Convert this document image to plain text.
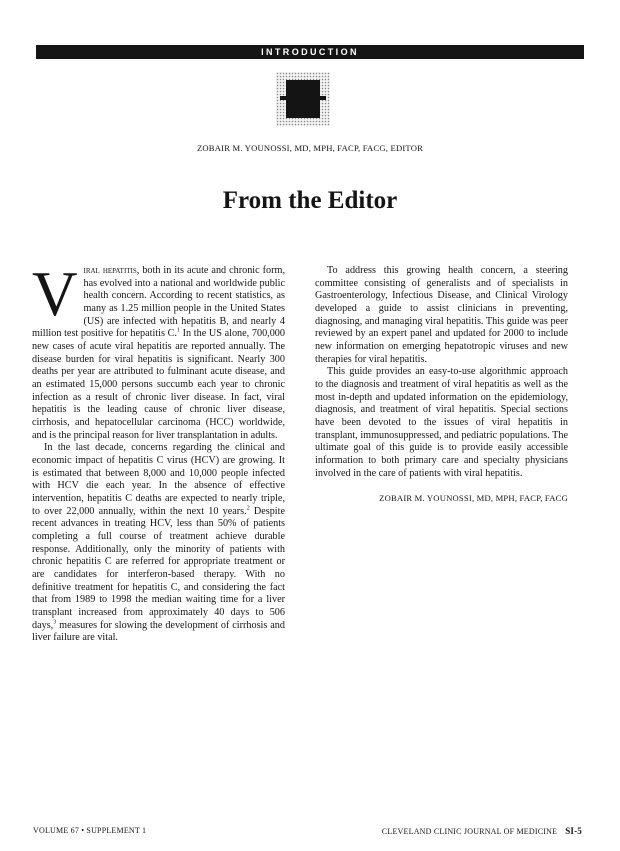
INTRODUCTION
ZOBAIR M. YOUNOSSI, MD, MPH, FACP, FACG, EDITOR
From the Editor

Viral hepatitis, both in its acute and chronic form, has evolved into a national and worldwide public health concern. According to recent statistics, as many as 1.25 million people in the United States (US) are infected with hepatitis B, and nearly 4 million test positive for hepatitis C.$^1$ In the US alone, 700,000 new cases of acute viral hepatitis are reported annually. The disease burden for viral hepatitis is significant. Nearly 300 deaths per year are attributed to fulminant acute disease, and an estimated 15,000 persons succumb each year to chronic infection as a result of chronic liver disease. In fact, viral hepatitis is the leading cause of chronic liver disease, cirrhosis, and hepatocellular carcinoma (HCC) worldwide, and is the principal reason for liver transplantation in adults.

In the last decade, concerns regarding the clinical and economic impact of hepatitis C virus (HCV) are growing. It is estimated that between 8,000 and 10,000 people infected with HCV die each year. In the absence of effective intervention, hepatitis C deaths are expected to nearly triple, to over 22,000 annually, within the next 10 years.$^2$ Despite recent advances in treating HCV, less than 50% of patients completing a full course of treatment achieve durable response. Additionally, only the minority of patients with chronic hepatitis C are referred for appropriate treatment or are candidates for interferon-based therapy. With no definitive treatment for hepatitis C, and considering the fact that from 1989 to 1998 the median waiting time for a liver transplant increased from approximately 40 days to 506 days,$^3$ measures for slowing the development of cirrhosis and liver failure are vital.

To address this growing health concern, a steering committee consisting of generalists and of specialists in Gastroenterology, Infectious Disease, and Clinical Virology developed a guide to assist clinicians in preventing, diagnosing, and managing viral hepatitis. This guide was peer reviewed by an expert panel and updated for 2000 to include new information on emerging hepatotropic viruses and new therapies for viral hepatitis.

This guide provides an easy-to-use algorithmic approach to the diagnosis and treatment of viral hepatitis as well as the most in-depth and updated information on the epidemiology, diagnosis, and treatment of viral hepatitis. Special sections have been devoted to the issues of viral hepatitis in transplant, immunosuppressed, and pediatric populations. The ultimate goal of this guide is to provide easily accessible information to both primary care and specialty physicians involved in the care of patients with viral hepatitis.

ZOBAIR M. YOUNOSSI, MD, MPH, FACP, FACG

VOLUME 67 • SUPPLEMENT 1	CLEVELAND CLINIC JOURNAL OF MEDICINE SI-5
